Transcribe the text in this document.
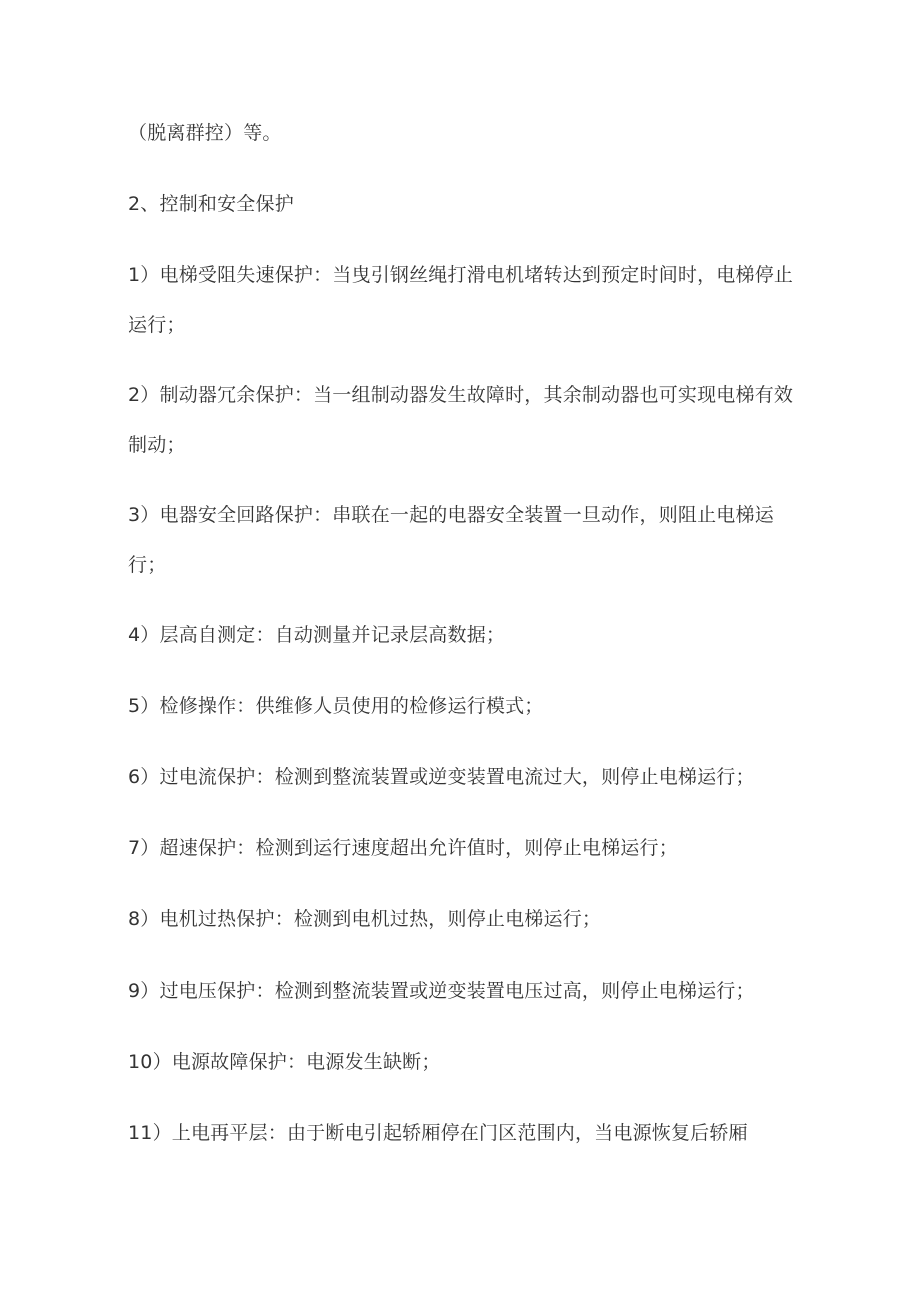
（脱离群控）等。

2、控制和安全保护

1）电梯受阻失速保护：当曳引钢丝绳打滑电机堵转达到预定时间时，电梯停止运行；

2）制动器冗余保护：当一组制动器发生故障时，其余制动器也可实现电梯有效制动；

3）电器安全回路保护：串联在一起的电器安全装置一旦动作，则阻止电梯运行；

4）层高自测定：自动测量并记录层高数据；

5）检修操作：供维修人员使用的检修运行模式；

6）过电流保护：检测到整流装置或逆变装置电流过大，则停止电梯运行；

7）超速保护：检测到运行速度超出允许值时，则停止电梯运行；

8）电机过热保护：检测到电机过热，则停止电梯运行；

9）过电压保护：检测到整流装置或逆变装置电压过高，则停止电梯运行；

10）电源故障保护：电源发生缺断；

11）上电再平层：由于断电引起轿厢停在门区范围内，当电源恢复后轿厢
